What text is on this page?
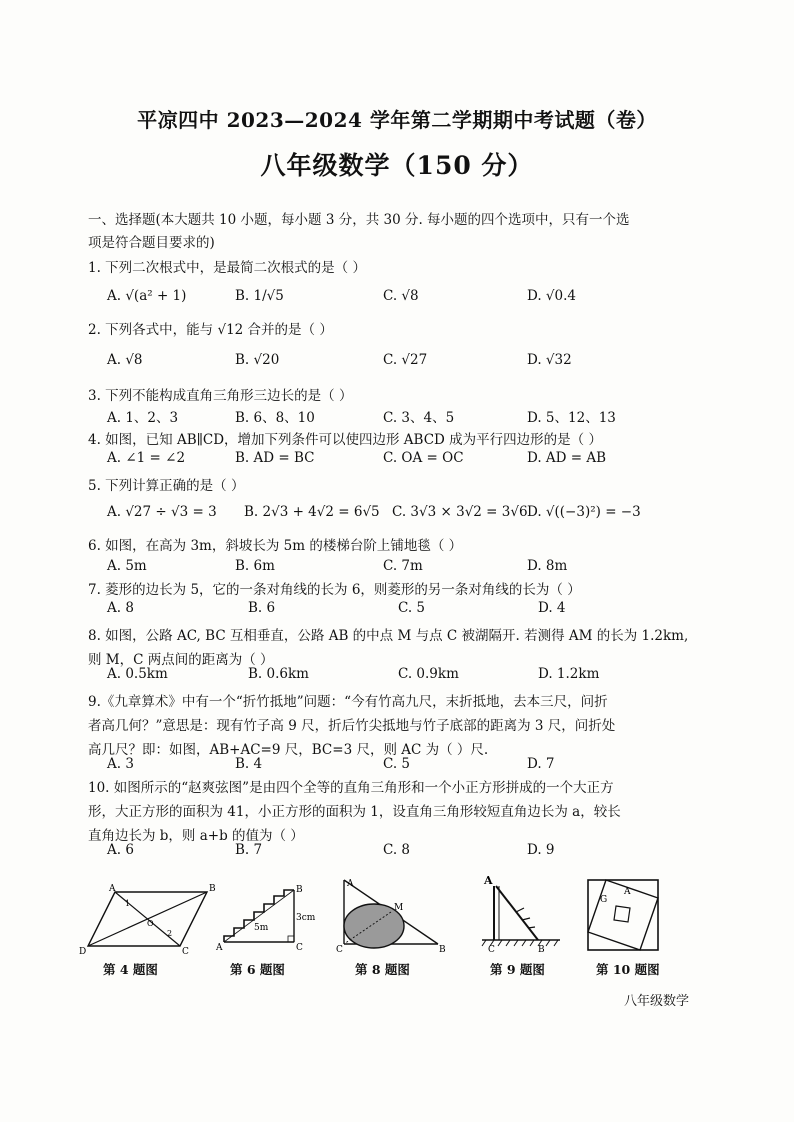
平凉四中 2023—2024 学年第二学期期中考试题（卷）
八年级数学（150 分）
一、选择题(本大题共 10 小题，每小题 3 分，共 30 分. 每小题的四个选项中，只有一个选
项是符合题目要求的)
1. 下列二次根式中，是最简二次根式的是（ ）
A. √(a² + 1)	B. 1/√5	C. √8	D. √0.4
2. 下列各式中，能与 √12 合并的是（ ）
A. √8	B. √20	C. √27	D. √32
3. 下列不能构成直角三角形三边长的是（ ）
A. 1、2、3	B. 6、8、10	C. 3、4、5	D. 5、12、13
4. 如图，已知 AB∥CD，增加下列条件可以使四边形 ABCD 成为平行四边形的是（ ）
A. ∠1 = ∠2	B. AD = BC	C. OA = OC	D. AD = AB
5. 下列计算正确的是（ ）
A. √27 ÷ √3 = 3 B. 2√3 + 4√2 = 6√5 C. 3√3 × 3√2 = 3√6 D. √((−3)²) = −3
6. 如图，在高为 3m，斜坡长为 5m 的楼梯台阶上铺地毯（ ）
A. 5m	B. 6m	C. 7m	D. 8m
7. 菱形的边长为 5，它的一条对角线的长为 6，则菱形的另一条对角线的长为（ ）
A. 8	B. 6	C. 5	D. 4
8. 如图，公路 AC, BC 互相垂直，公路 AB 的中点 M 与点 C 被湖隔开. 若测得 AM 的长为 1.2km,
则 M，C 两点间的距离为（ ）
A. 0.5km	B. 0.6km	C. 0.9km	D. 1.2km
9.《九章算术》中有一个“折竹抵地”问题：“今有竹高九尺，末折抵地，去本三尺，问折
者高几何？”意思是：现有竹子高 9 尺，折后竹尖抵地与竹子底部的距离为 3 尺，问折处
高几尺？即：如图，AB+AC=9 尺，BC=3 尺，则 AC 为（ ）尺.
A. 3	B. 4	C. 5	D. 7
10. 如图所示的“赵爽弦图”是由四个全等的直角三角形和一个小正方形拼成的一个大正方
形，大正方形的面积为 41，小正方形的面积为 1，设直角三角形较短直角边长为 a，较长
直角边长为 b，则 a+b 的值为（ ）
A. 6	B. 7	C. 8	D. 9
A	B
C
D
1
2
O
B
5m
3cm
A	C
A
M
C	B
A
C	B
G
A
第 4 题图	第 6 题图	第 8 题图	第 9 题图	第 10 题图
八年级数学
